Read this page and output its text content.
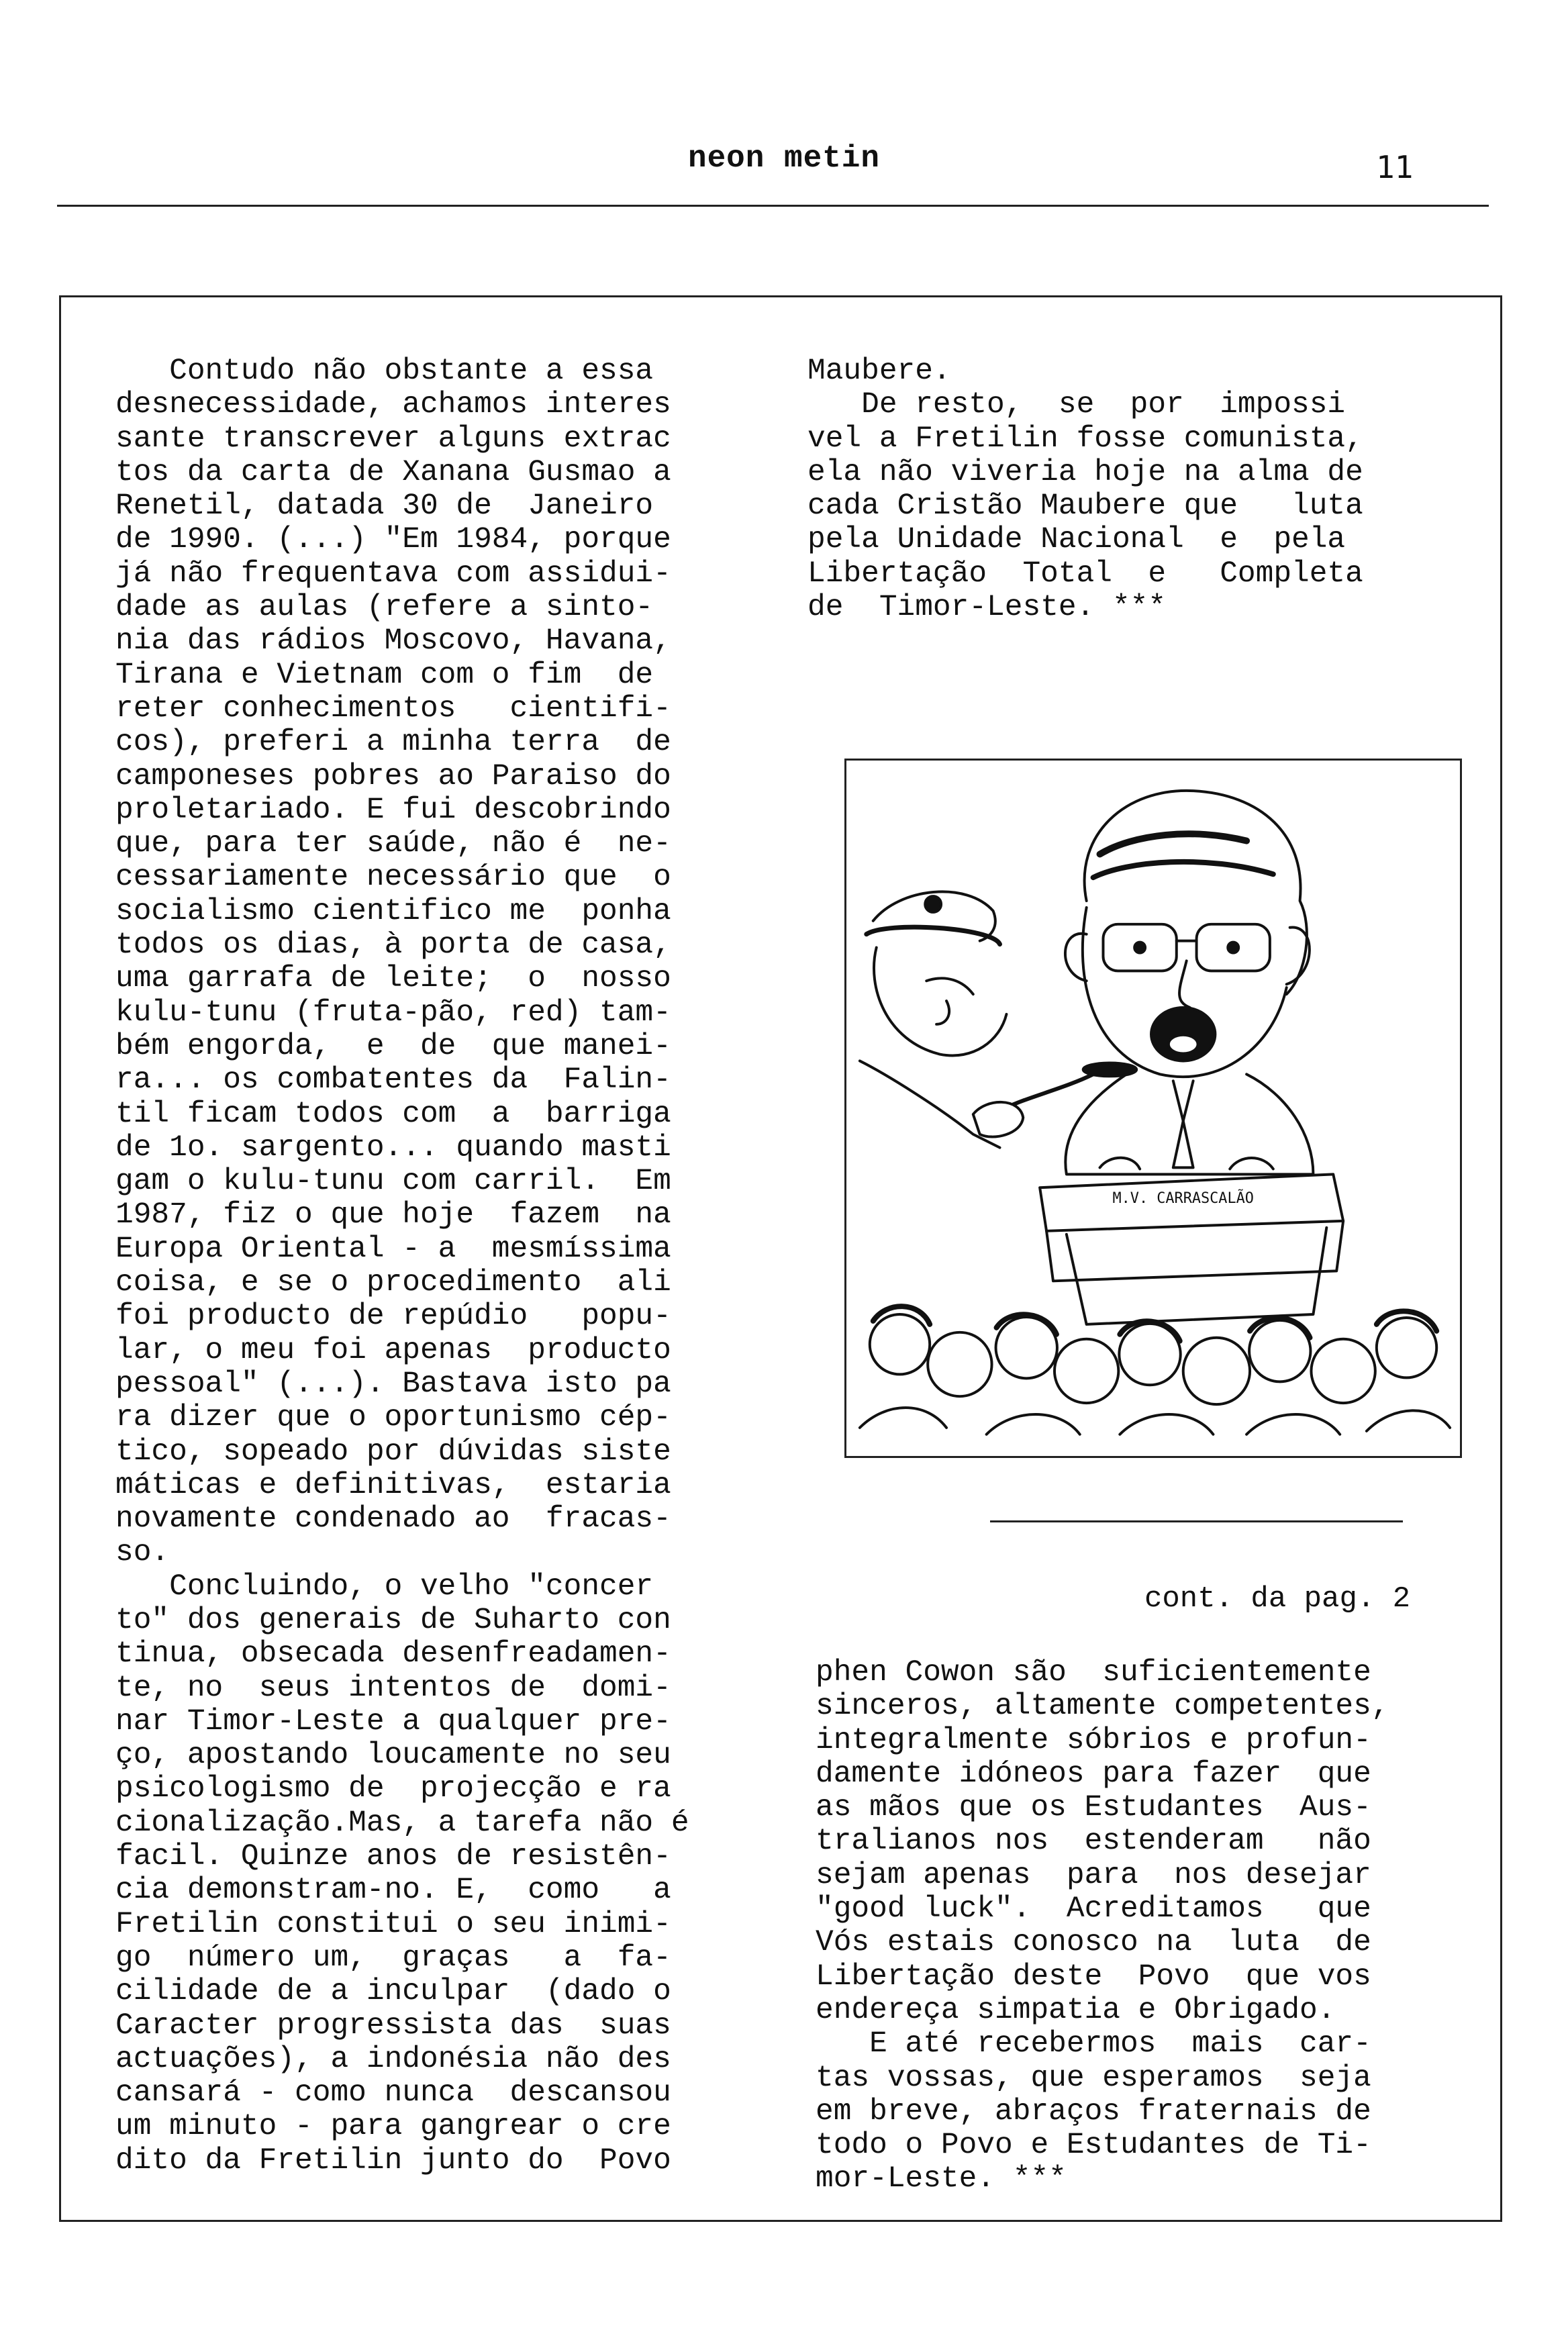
neon metin	11
Contudo não obstante a essa
desnecessidade, achamos interes
sante transcrever alguns extrac
tos da carta de Xanana Gusmao a
Renetil, datada 30 de  Janeiro
de 1990. (...) "Em 1984, porque
já não frequentava com assidui-
dade as aulas (refere a sinto-
nia das rádios Moscovo, Havana,
Tirana e Vietnam com o fim  de
reter conhecimentos   cientifi-
cos), preferi a minha terra  de
camponeses pobres ao Paraiso do
proletariado. E fui descobrindo
que, para ter saúde, não é  ne-
cessariamente necessário que  o
socialismo cientifico me  ponha
todos os dias, à porta de casa,
uma garrafa de leite;  o  nosso
kulu-tunu (fruta-pão, red) tam-
bém engorda,  e  de  que manei-
ra... os combatentes da  Falin-
til ficam todos com  a  barriga
de 1o. sargento... quando masti
gam o kulu-tunu com carril.  Em
1987, fiz o que hoje  fazem  na
Europa Oriental - a  mesmíssima
coisa, e se o procedimento  ali
foi producto de repúdio   popu-
lar, o meu foi apenas  producto
pessoal" (...). Bastava isto pa
ra dizer que o oportunismo cép-
tico, sopeado por dúvidas siste
máticas e definitivas,  estaria
novamente condenado ao  fracas-
so.
Concluindo, o velho "concer
to" dos generais de Suharto con
tinua, obsecada desenfreadamen-
te, no  seus intentos de  domi-
nar Timor-Leste a qualquer pre-
ço, apostando loucamente no seu
psicologismo de  projecção e ra
cionalização.Mas, a tarefa não é
facil. Quinze anos de resistên-
cia demonstram-no. E,  como   a
Fretilin constitui o seu inimi-
go  número um,  graças   a  fa-
cilidade de a inculpar  (dado o
Caracter progressista das  suas
actuações), a indonésia não des
cansará - como nunca  descansou
um minuto - para gangrear o cre
dito da Fretilin junto do  Povo
Maubere.
De resto,  se  por  impossi
vel a Fretilin fosse comunista,
ela não viveria hoje na alma de
cada Cristão Maubere que   luta
pela Unidade Nacional  e  pela
Libertação  Total  e   Completa
de  Timor-Leste. ***
M.V. CARRASCALÃO
cont. da pag. 2
phen Cowon são  suficientemente
sinceros, altamente competentes,
integralmente sóbrios e profun-
damente idóneos para fazer  que
as mãos que os Estudantes  Aus-
tralianos nos  estenderam   não
sejam apenas  para  nos desejar
"good luck".  Acreditamos   que
Vós estais conosco na  luta  de
Libertação deste  Povo  que vos
endereça simpatia e Obrigado.
E até recebermos  mais  car-
tas vossas, que esperamos  seja
em breve, abraços fraternais de
todo o Povo e Estudantes de Ti-
mor-Leste. ***
